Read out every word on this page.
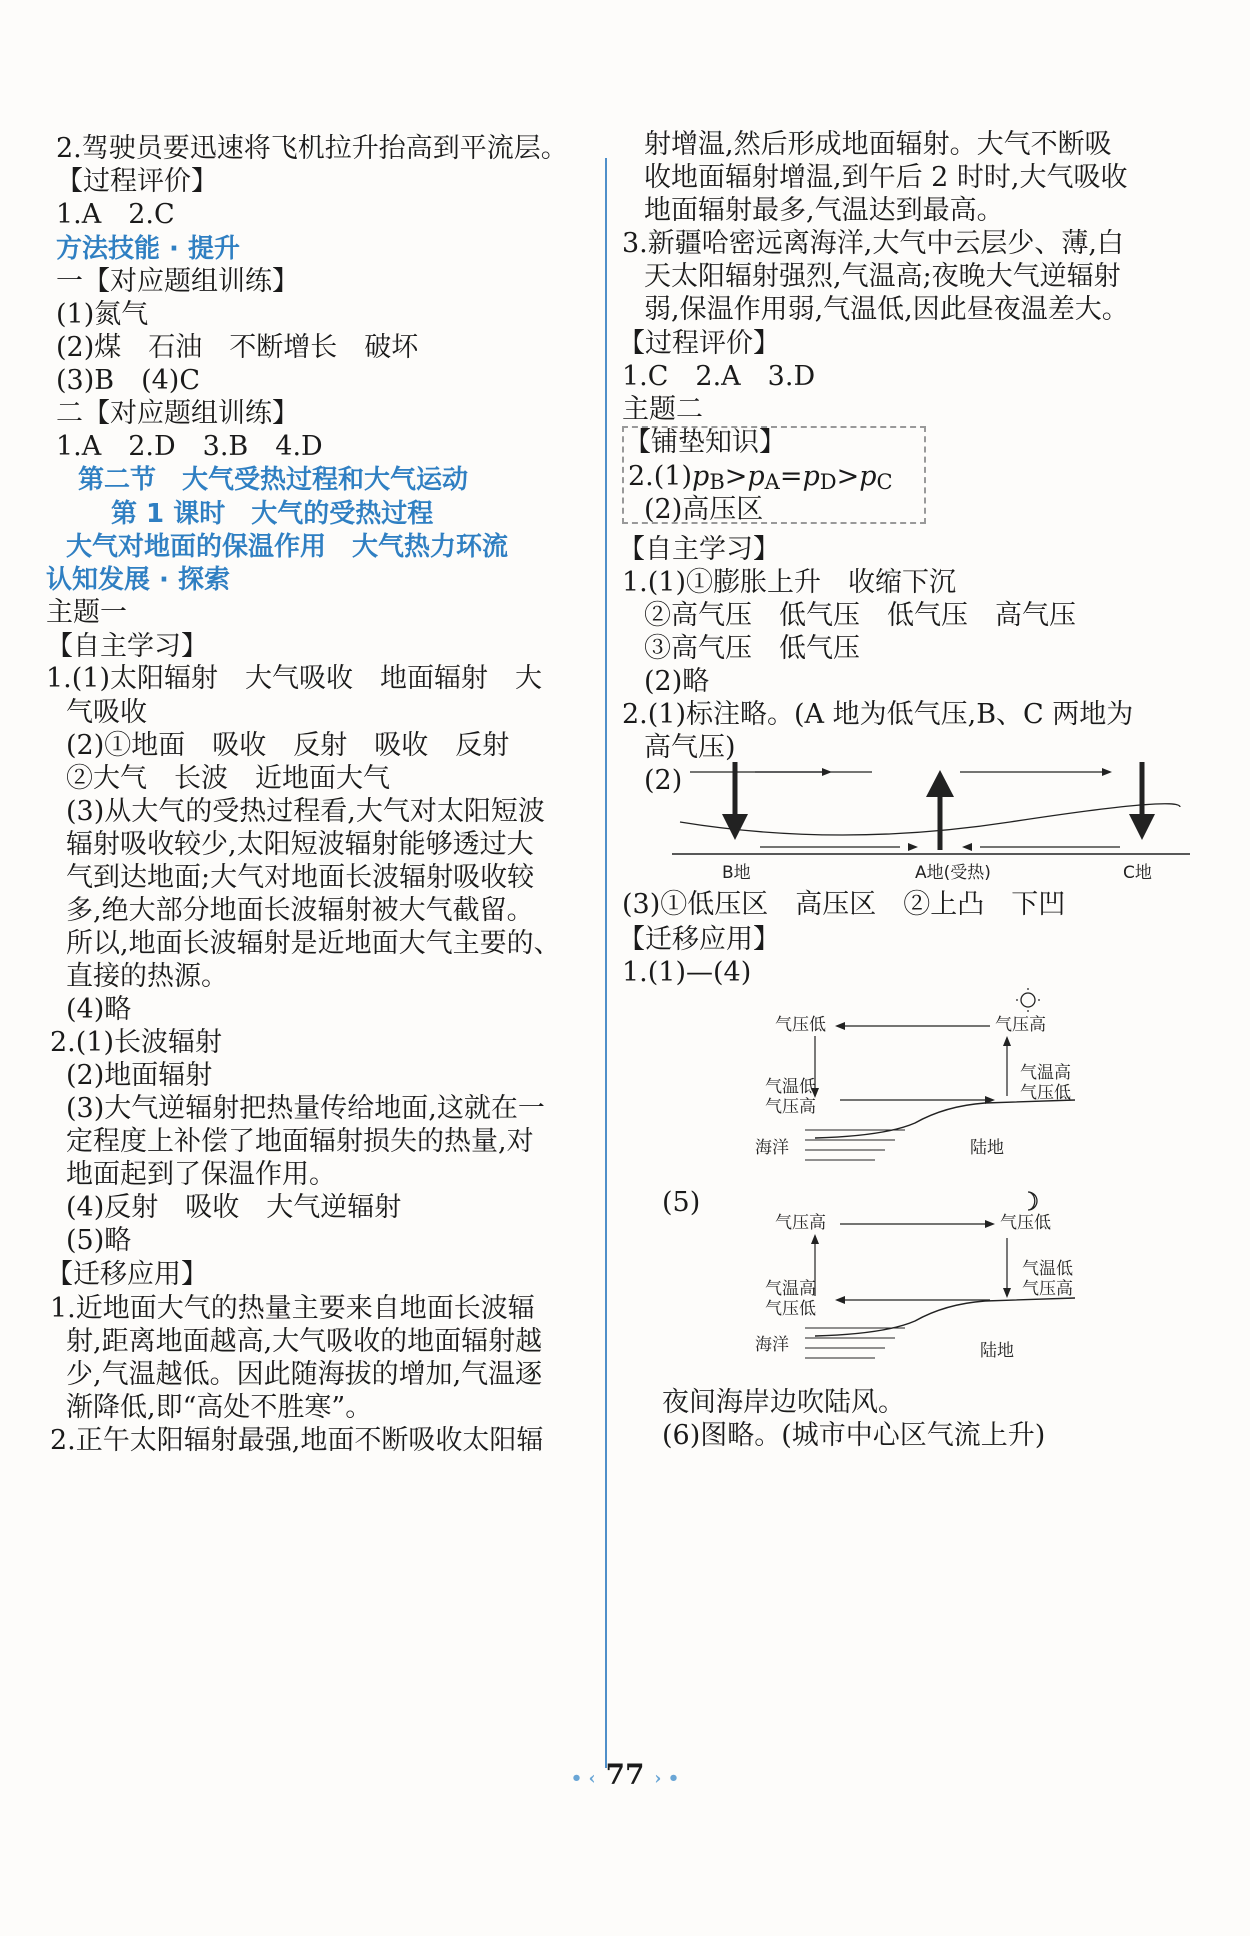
2.驾驶员要迅速将飞机拉升抬高到平流层。
【过程评价】
1.A　2.C
方法技能 · 提升
一【对应题组训练】
(1)氮气
(2)煤　石油　不断增长　破坏
(3)B　(4)C
二【对应题组训练】
1.A　2.D　3.B　4.D
第二节　大气受热过程和大气运动
第 1 课时　大气的受热过程
大气对地面的保温作用　大气热力环流
认知发展 · 探索
主题一
【自主学习】
1.(1)太阳辐射　大气吸收　地面辐射　大
气吸收
(2)①地面　吸收　反射　吸收　反射
②大气　长波　近地面大气
(3)从大气的受热过程看,大气对太阳短波
辐射吸收较少,太阳短波辐射能够透过大
气到达地面;大气对地面长波辐射吸收较
多,绝大部分地面长波辐射被大气截留。
所以,地面长波辐射是近地面大气主要的、
直接的热源。
(4)略
2.(1)长波辐射
(2)地面辐射
(3)大气逆辐射把热量传给地面,这就在一
定程度上补偿了地面辐射损失的热量,对
地面起到了保温作用。
(4)反射　吸收　大气逆辐射
(5)略
【迁移应用】
1.近地面大气的热量主要来自地面长波辐
射,距离地面越高,大气吸收的地面辐射越
少,气温越低。因此随海拔的增加,气温逐
渐降低,即“高处不胜寒”。
2.正午太阳辐射最强,地面不断吸收太阳辐
射增温,然后形成地面辐射。大气不断吸
收地面辐射增温,到午后 2 时时,大气吸收
地面辐射最多,气温达到最高。
3.新疆哈密远离海洋,大气中云层少、薄,白
天太阳辐射强烈,气温高;夜晚大气逆辐射
弱,保温作用弱,气温低,因此昼夜温差大。
【过程评价】
1.C　2.A　3.D
主题二
【铺垫知识】
2.(1)pB>pA=pD>pC
(2)高压区
【自主学习】
1.(1)①膨胀上升　收缩下沉
②高气压　低气压　低气压　高气压
③高气压　低气压
(2)略
2.(1)标注略。(A 地为低气压,B、C 两地为
高气压)
(2)
(3)①低压区　高压区　②上凸　下凹
【迁移应用】
1.(1)—(4)
(5)
夜间海岸边吹陆风。
(6)图略。(城市中心区气流上升)
B地	A地(受热)	C地
气压低	气压高
气温低
气压高
气温高
气压低
海洋	陆地
气压高	气压低
气温高
气压低
气温低
气压高
海洋	陆地
• ‹ 77 › •
